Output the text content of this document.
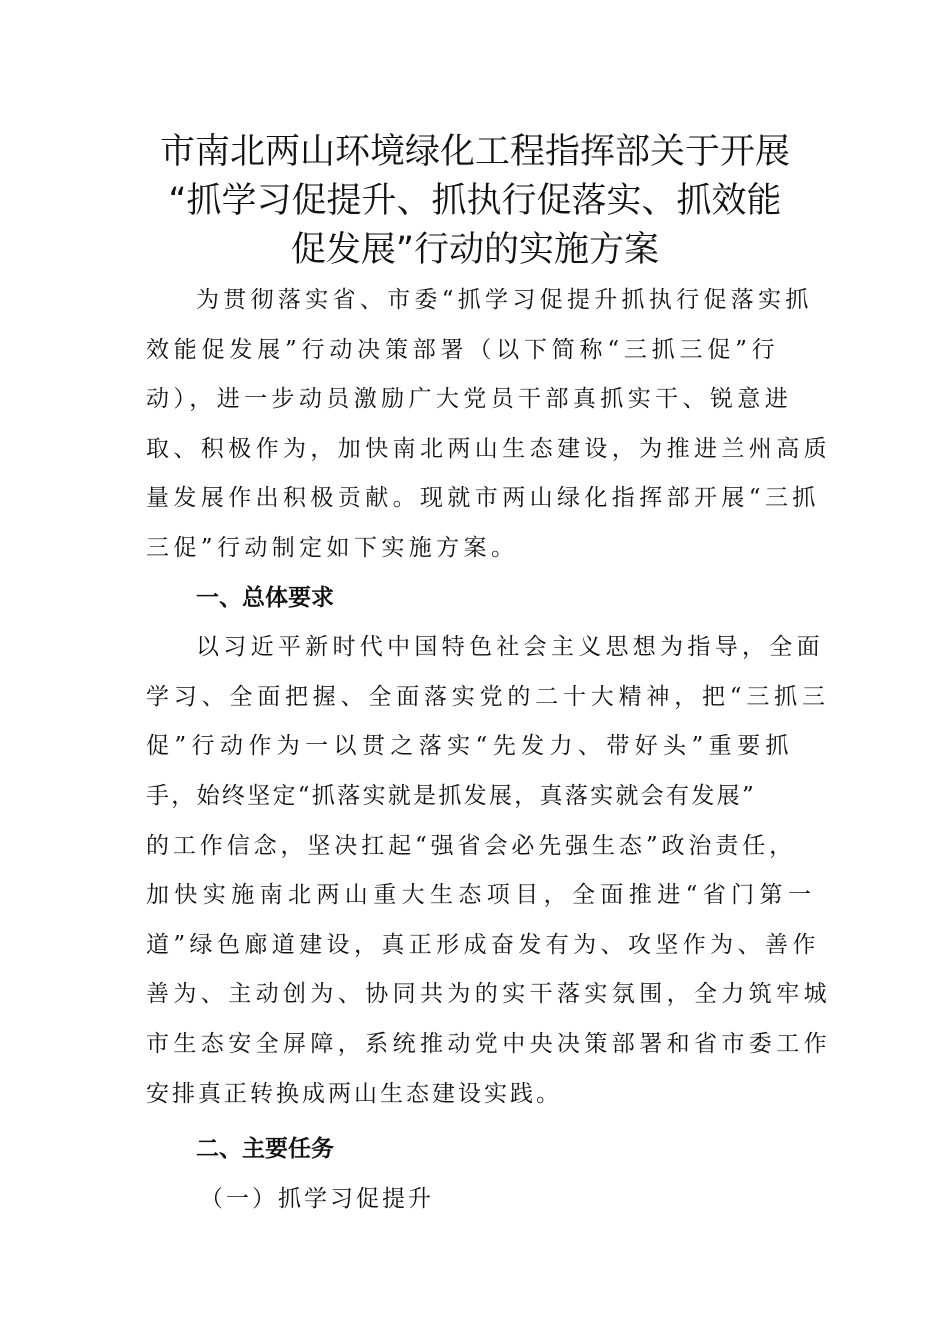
市南北两山环境绿化工程指挥部关于开展
“抓学习促提升、抓执行促落实、抓效能
促发展”行动的实施方案

为贯彻落实省、市委“抓学习促提升抓执行促落实抓
效能促发展”行动决策部署（以下简称“三抓三促”行
动），进一步动员激励广大党员干部真抓实干、锐意进
取、积极作为，加快南北两山生态建设，为推进兰州高质
量发展作出积极贡献。现就市两山绿化指挥部开展“三抓
三促”行动制定如下实施方案。

一、总体要求

以习近平新时代中国特色社会主义思想为指导，全面
学习、全面把握、全面落实党的二十大精神，把“三抓三
促”行动作为一以贯之落实“先发力、带好头”重要抓
手，始终坚定“抓落实就是抓发展，真落实就会有发展”
的工作信念，坚决扛起“强省会必先强生态”政治责任，
加快实施南北两山重大生态项目，全面推进“省门第一
道”绿色廊道建设，真正形成奋发有为、攻坚作为、善作
善为、主动创为、协同共为的实干落实氛围，全力筑牢城
市生态安全屏障，系统推动党中央决策部署和省市委工作
安排真正转换成两山生态建设实践。

二、主要任务

（一）抓学习促提升
